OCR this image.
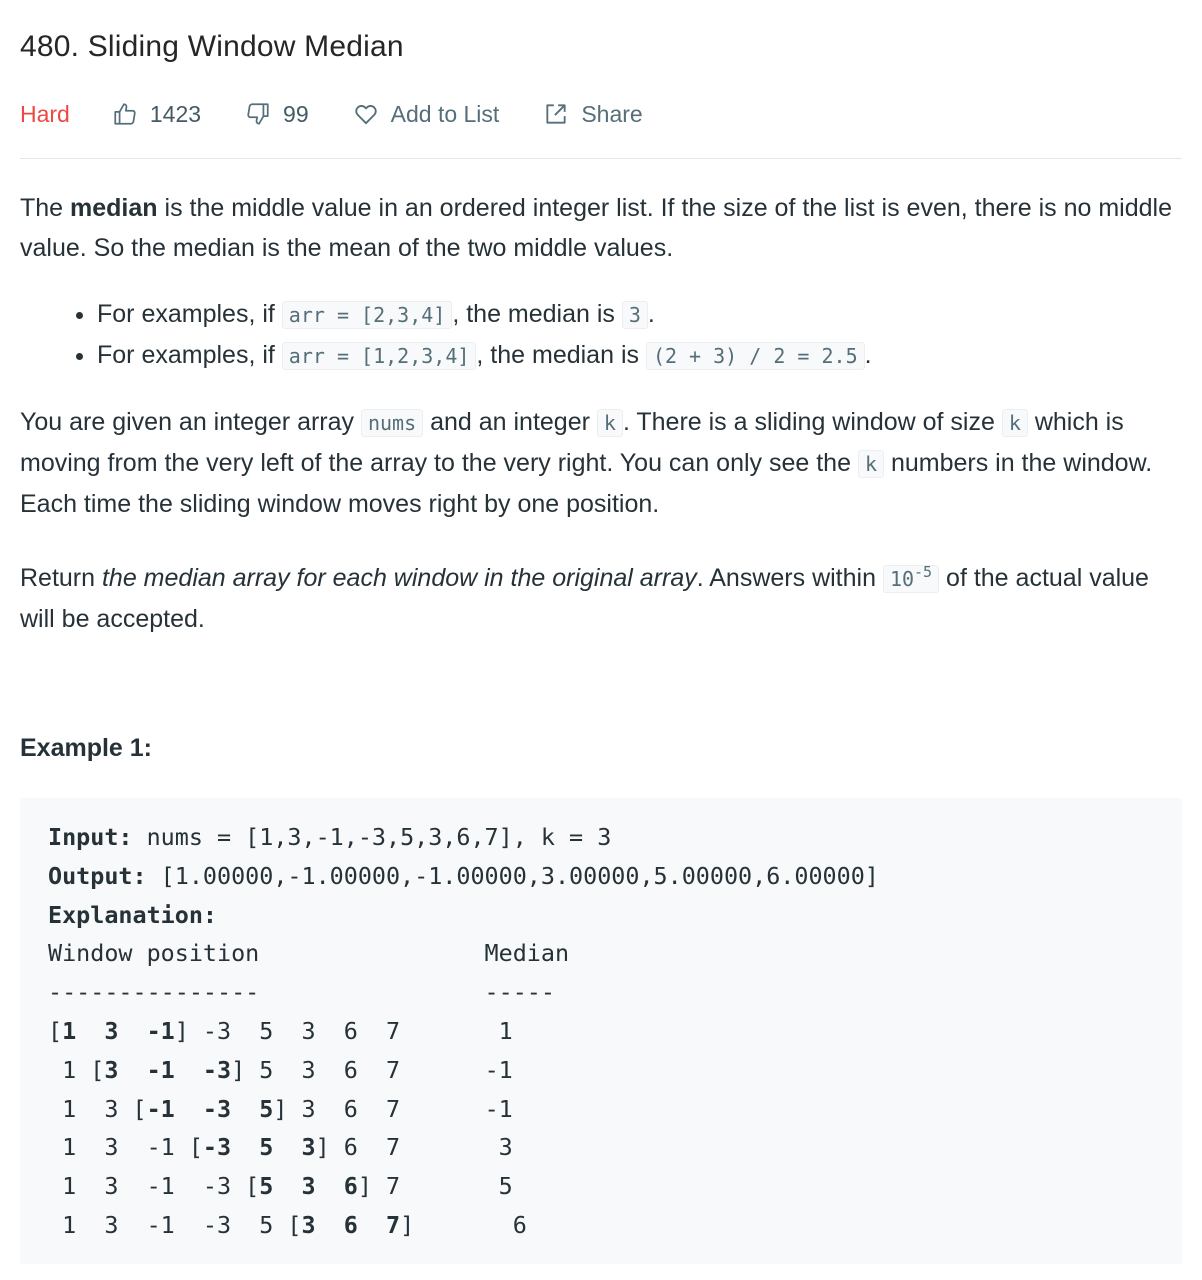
480. Sliding Window Median
Hard	1423	99	Add to List	Share

The median is the middle value in an ordered integer list. If the size of the list is even, there is no middle value. So the median is the mean of the two middle values.

• For examples, if arr = [2,3,4] , the median is 3 .
• For examples, if arr = [1,2,3,4] , the median is (2 + 3) / 2 = 2.5 .

You are given an integer array nums and an integer k . There is a sliding window of size k which is moving from the very left of the array to the very right. You can only see the k numbers in the window. Each time the sliding window moves right by one position.

Return the median array for each window in the original array. Answers within $10^{-5}$ of the actual value will be accepted.

Example 1:
Input: nums = [1,3,-1,-3,5,3,6,7], k = 3
Output: [1.00000,-1.00000,-1.00000,3.00000,5.00000,6.00000]
Explanation:
Window position                Median
---------------                -----
[1  3  -1] -3  5  3  6  7       1
1 [3  -1  -3] 5  3  6  7      -1
1  3 [-1  -3  5] 3  6  7      -1
1  3  -1 [-3  5  3] 6  7       3
1  3  -1  -3 [5  3  6] 7       5
1  3  -1  -3  5 [3  6  7]       6
